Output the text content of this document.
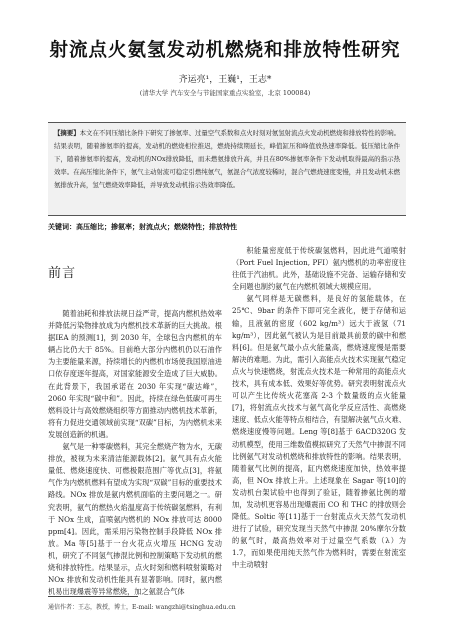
射流点火氨氢发动机燃烧和排放特性研究
齐运亮¹，王巍¹，王志*
(清华大学 汽车安全与节能国家重点实验室，北京 100084)
【摘要】本文在不同压缩比条件下研究了掺氨率、过量空气系数和点火时刻对氨氢射流点火发动机燃烧和排放特性的影响。结果表明，随着掺氨率的提高，发动机的燃烧相位推迟，燃烧持续期延长，峰值缸压和峰值放热速率降低。低压缩比条件下，随着掺氨率的提高，发动机的NOx排放降低，而未燃氨排放升高，并且在80%掺氨率条件下发动机取得最高的指示热效率。在高压缩比条件下，氨气主动射流可稳定引燃纯氨气，氨混合气浓度较稀时，混合气燃烧速度变慢，并且发动机未燃氨排放升高，氢气燃烧效率降低，并导致发动机指示热效率降低。
关键词：高压缩比；掺氨率；射流点火；燃烧特性；排放特性
前言

随着油耗和排放法规日益严苛，提高内燃机热效率并降低污染物排放成为内燃机技术革新的巨大挑战。根据IEA 的预测[1]，到 2030 年，全球包含内燃机的车辆占比仍大于 85%。目前绝大部分内燃机仍以石油作为主要能量来源，持续增长的内燃机市场使我国原油进口依存度逐年提高，对国家能源安全造成了巨大威胁。在此背景下，我国承诺在 2030 年实现“碳达峰”，2060 年实现“碳中和”。因此，持续在绿色低碳可再生燃料设计与高效燃烧组织等方面推动内燃机技术革新，将有力促进交通领域前实现“双碳”目标，为内燃机未来发展创造新的机遇。

氨气是一种零碳燃料，其完全燃烧产物为水，无碳排放，被视为未来清洁能源载体[2]。氨气具有点火能量低、燃烧速度快、可燃极限范围广等优点[3]，将氨气作为内燃机燃料有望成为实现“双碳”目标的重要技术路线。NOx 排放是氨内燃机面临的主要问题之一。研究表明，氨气的燃热火焰温度高于传统碳氢燃料，有利于 NOx 生成，直喷氨内燃机的 NOx 排放可达 8000 ppm[4]。因此，需采用污染物控制手段降低 NOx 排放。Ma 等[5]基于一台火花点火增压 HCNG 发动机，研究了不同氢气掺混比例和控制策略下发动机的燃烧和排放特性。结果显示，点火时刻和燃料喷射策略对 NOx 排放和发动机性能具有显著影响。同时，氨内燃机易出现爆震等异常燃烧，加之氨混合气体

积能量密度低于传统碳氢燃料，因此进气道喷射（Port Fuel Injection, PFI）氨内燃机的功率密度往往低于汽油机。此外，基础设施不完备、运输存储和安全问题也制约氨气在内燃机领域大规模应用。

氨气同样是无碳燃料，是良好的氢能载体，在 25℃、9bar 的条件下即可完全液化，便于存储和运输，且液氨的密度（602 kg/m³）远大于液氢（71 kg/m³），因此氨气被认为是目前最具前景的碳中和燃料[6]。但是氨气最小点火能量高，燃烧速度慢是需要解决的难题。为此，需引入高能点火技术实现氨气稳定点火与快速燃烧，射流点火技术是一种常用的高能点火技术，具有成本低、效果好等优势。研究表明射流点火可以产生比传统火花塞高 2-3 个数量级的点火能量[7]，将射流点火技术与氨气高化学反应活性、高燃烧速度、低点火能等特点相结合，有望解决氨气点火难、燃烧速度慢等问题。Leng 等[8]基于 6ACD320G 发动机模型，使用三维数值模拟研究了天然气中掺混不同比例氨气对发动机燃烧和排放特性的影响。结果表明，随着氨气比例的提高，缸内燃烧速度加快，热效率提高，但 NOx 排放上升。上述现象在 Sagar 等[10]的发动机台架试验中也得到了验证，随着掺氨比例的增加，发动机更容易出现爆震而 CO 和 THC 的排放则会降低。Soltic 等[11]基于一台射流点火天然气发动机进行了试验，研究发现当天然气中掺混 20%摩尔分数的氨气时，最高热效率对于过量空气系数（λ）为 1.7，而如果使用纯天然气作为燃料时，需要在射流室中主动喷射

通信作者：王志，教授，博士，E-mail: wangzhi@tsinghua.edu.cn
